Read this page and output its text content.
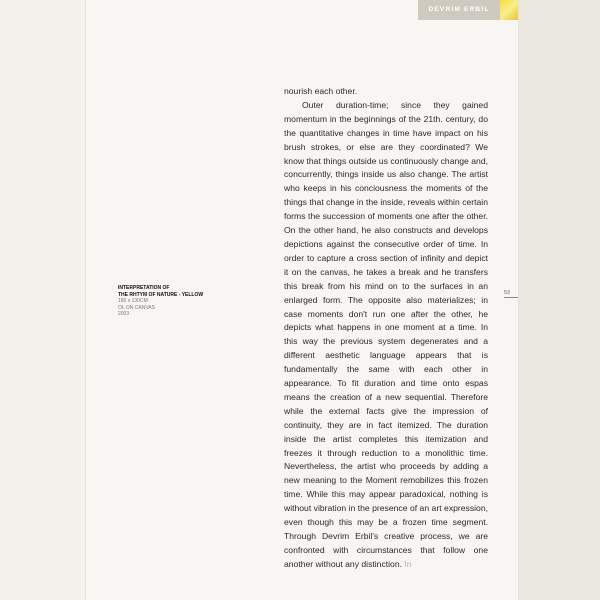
DEVRİM ERBİL
INTERPRETATION OF
THE RHTYM OF NATURE - YELLOW
180 x 130CM
OL ON CANVAS
2003
53

nourish each other.

Outer duration-time; since they gained momentum in the beginnings of the 21th. century, do the quantitative changes in time have impact on his brush strokes, or else are they coordinated? We know that things outside us continuously change and, concurrently, things inside us also change. The artist who keeps in his conciousness the moments of the things that change in the inside, reveals within certain forms the succession of moments one after the other. On the other hand, he also constructs and develops depictions against the consecutive order of time. In order to capture a cross section of infinity and depict it on the canvas, he takes a break and he transfers this break from his mind on to the surfaces in an enlarged form. The opposite also materializes; in case moments don't run one after the other, he depicts what happens in one moment at a time. In this way the previous system degenerates and a different aesthetic language appears that is fundamentally the same with each other in appearance. To fit duration and time onto espas means the creation of a new sequential. Therefore while the external facts give the impression of continuity, they are in fact itemized. The duration inside the artist completes this itemization and freezes it through reduction to a monolithic time. Nevertheless, the artist who proceeds by adding a new meaning to the Moment remobilizes this frozen time. While this may appear paradoxical, nothing is without vibration in the presence of an art expression, even though this may be a frozen time segment. Through Devrim Erbil's creative process, we are confronted with circumstances that follow one another without any distinction. In
